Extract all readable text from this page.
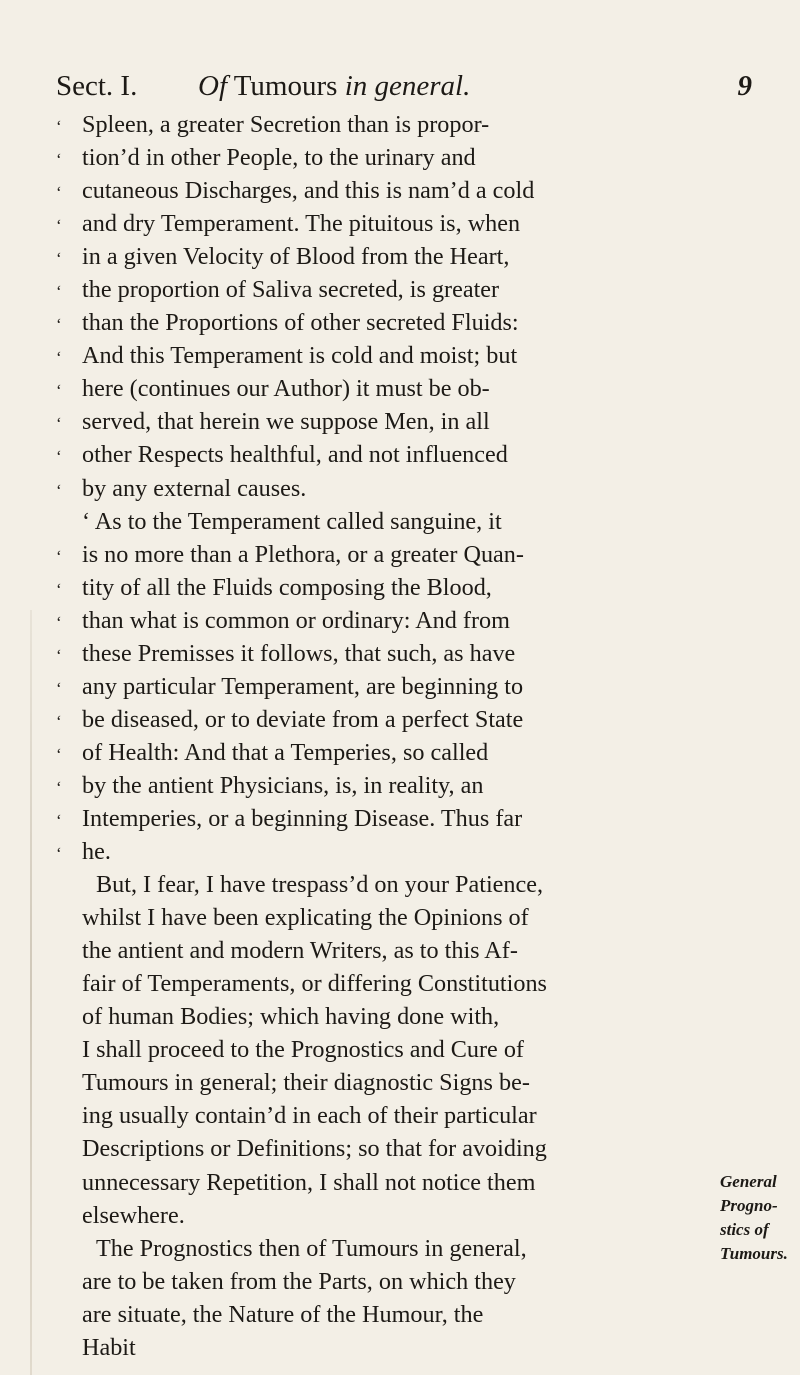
Sect. I. Of Tumours in general.	9
‘ Spleen, a greater Secretion than is propor-
‘ tion’d in other People, to the urinary and
‘ cutaneous Discharges, and this is nam’d a cold
‘ and dry Temperament. The pituitous is, when
‘ in a given Velocity of Blood from the Heart,
‘ the proportion of Saliva secreted, is greater
‘ than the Proportions of other secreted Fluids:
‘ And this Temperament is cold and moist; but
‘ here (continues our Author) it must be ob-
‘ served, that herein we suppose Men, in all
‘ other Respects healthful, and not influenced
‘ by any external causes.
‘ As to the Temperament called sanguine, it
‘ is no more than a Plethora, or a greater Quan-
‘ tity of all the Fluids composing the Blood,
‘ than what is common or ordinary: And from
‘ these Premisses it follows, that such, as have
‘ any particular Temperament, are beginning to
‘ be diseased, or to deviate from a perfect State
‘ of Health: And that a Temperies, so called
‘ by the antient Physicians, is, in reality, an
‘ Intemperies, or a beginning Disease. Thus far
‘ he.
But, I fear, I have trespass’d on your Patience,
whilst I have been explicating the Opinions of
the antient and modern Writers, as to this Af-
fair of Temperaments, or differing Constitutions
of human Bodies; which having done with,
I shall proceed to the Prognostics and Cure of
Tumours in general; their diagnostic Signs be-
ing usually contain’d in each of their particular
Descriptions or Definitions; so that for avoiding
unnecessary Repetition, I shall not notice them
elsewhere.
The Prognostics then of Tumours in general,
are to be taken from the Parts, on which they
are situate, the Nature of the Humour, the
Habit
General
Progno-
stics of
Tumours.
